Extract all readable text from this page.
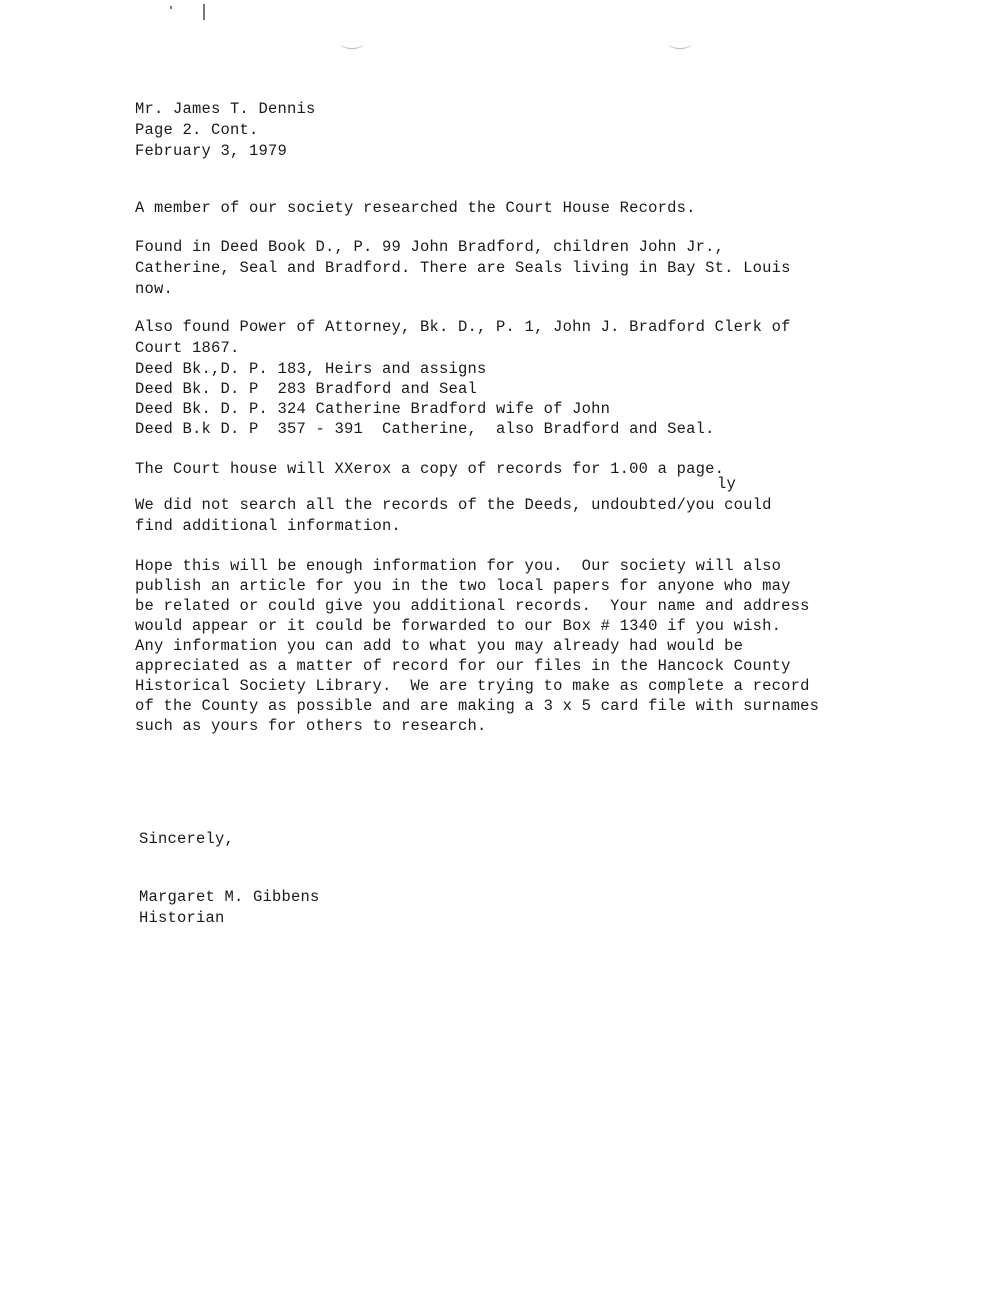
Mr. James T. Dennis
Page 2. Cont.
February 3, 1979
A member of our society researched the Court House Records.
Found in Deed Book D., P. 99 John Bradford, children John Jr.,
Catherine, Seal and Bradford. There are Seals living in Bay St. Louis
now.
Also found Power of Attorney, Bk. D., P. 1, John J. Bradford Clerk of
Court 1867.
Deed Bk.,D. P. 183, Heirs and assigns
Deed Bk. D. P  283 Bradford and Seal
Deed Bk. D. P. 324 Catherine Bradford wife of John
Deed B.k D. P  357 - 391  Catherine,  also Bradford and Seal.
The Court house will XXerox a copy of records for 1.00 a page.
ly
We did not search all the records of the Deeds, undoubted/you could
find additional information.
Hope this will be enough information for you.  Our society will also
publish an article for you in the two local papers for anyone who may
be related or could give you additional records.  Your name and address
would appear or it could be forwarded to our Box # 1340 if you wish.
Any information you can add to what you may already had would be
appreciated as a matter of record for our files in the Hancock County
Historical Society Library.  We are trying to make as complete a record
of the County as possible and are making a 3 x 5 card file with surnames
such as yours for others to research.
Sincerely,
Margaret M. Gibbens
Historian
